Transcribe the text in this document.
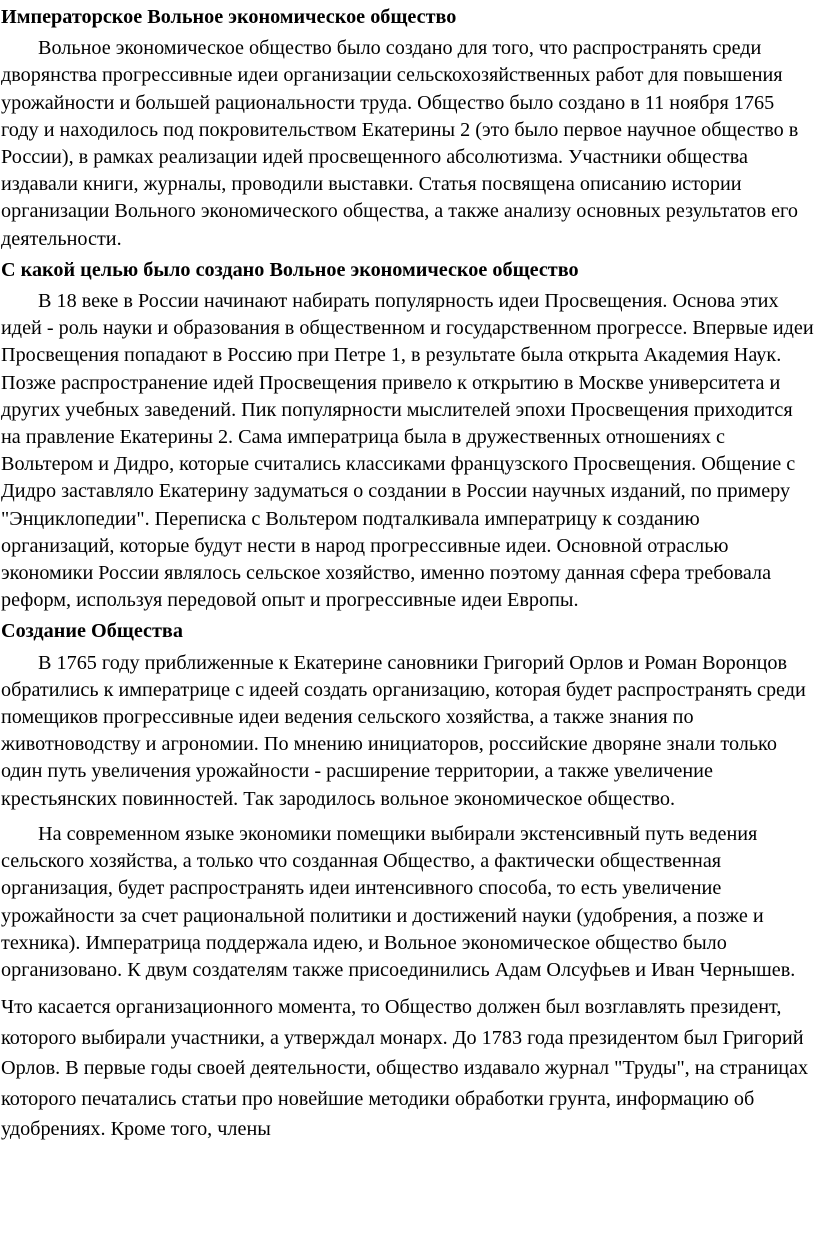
Императорское Вольное экономическое общество

Вольное экономическое общество было создано для того, что распространять среди дворянства прогрессивные идеи организации сельскохозяйственных работ для повышения урожайности и большей рациональности труда. Общество было создано в 11 ноября 1765 году и находилось под покровительством Екатерины 2 (это было первое научное общество в России), в рамках реализации идей просвещенного абсолютизма. Участники общества издавали книги, журналы, проводили выставки. Статья посвящена описанию истории организации Вольного экономического общества, а также анализу основных результатов его деятельности.

С какой целью было создано Вольное экономическое общество

В 18 веке в России начинают набирать популярность идеи Просвещения. Основа этих идей - роль науки и образования в общественном и государственном прогрессе. Впервые идеи Просвещения попадают в Россию при Петре 1, в результате была открыта Академия Наук. Позже распространение идей Просвещения привело к открытию в Москве университета и других учебных заведений. Пик популярности мыслителей эпохи Просвещения приходится на правление Екатерины 2. Сама императрица была в дружественных отношениях с Вольтером и Дидро, которые считались классиками французского Просвещения. Общение с Дидро заставляло Екатерину задуматься о создании в России научных изданий, по примеру "Энциклопедии". Переписка с Вольтером подталкивала императрицу к созданию организаций, которые будут нести в народ прогрессивные идеи. Основной отраслью экономики России являлось сельское хозяйство, именно поэтому данная сфера требовала реформ, используя передовой опыт и прогрессивные идеи Европы.

Создание Общества

В 1765 году приближенные к Екатерине сановники Григорий Орлов и Роман Воронцов обратились к императрице с идеей создать организацию, которая будет распространять среди помещиков прогрессивные идеи ведения сельского хозяйства, а также знания по животноводству и агрономии. По мнению инициаторов, российские дворяне знали только один путь увеличения урожайности - расширение территории, а также увеличение крестьянских повинностей. Так зародилось вольное экономическое общество.

На современном языке экономики помещики выбирали экстенсивный путь ведения сельского хозяйства, а только что созданная Общество, а фактически общественная организация, будет распространять идеи интенсивного способа, то есть увеличение урожайности за счет рациональной политики и достижений науки (удобрения, а позже и техника). Императрица поддержала идею, и Вольное экономическое общество было организовано. К двум создателям также присоединились Адам Олсуфьев и Иван Чернышев.

Что касается организационного момента, то Общество должен был возглавлять президент, которого выбирали участники, а утверждал монарх. До 1783 года президентом был Григорий Орлов. В первые годы своей деятельности, общество издавало журнал "Труды", на страницах которого печатались статьи про новейшие методики обработки грунта, информацию об удобрениях. Кроме того, члены
